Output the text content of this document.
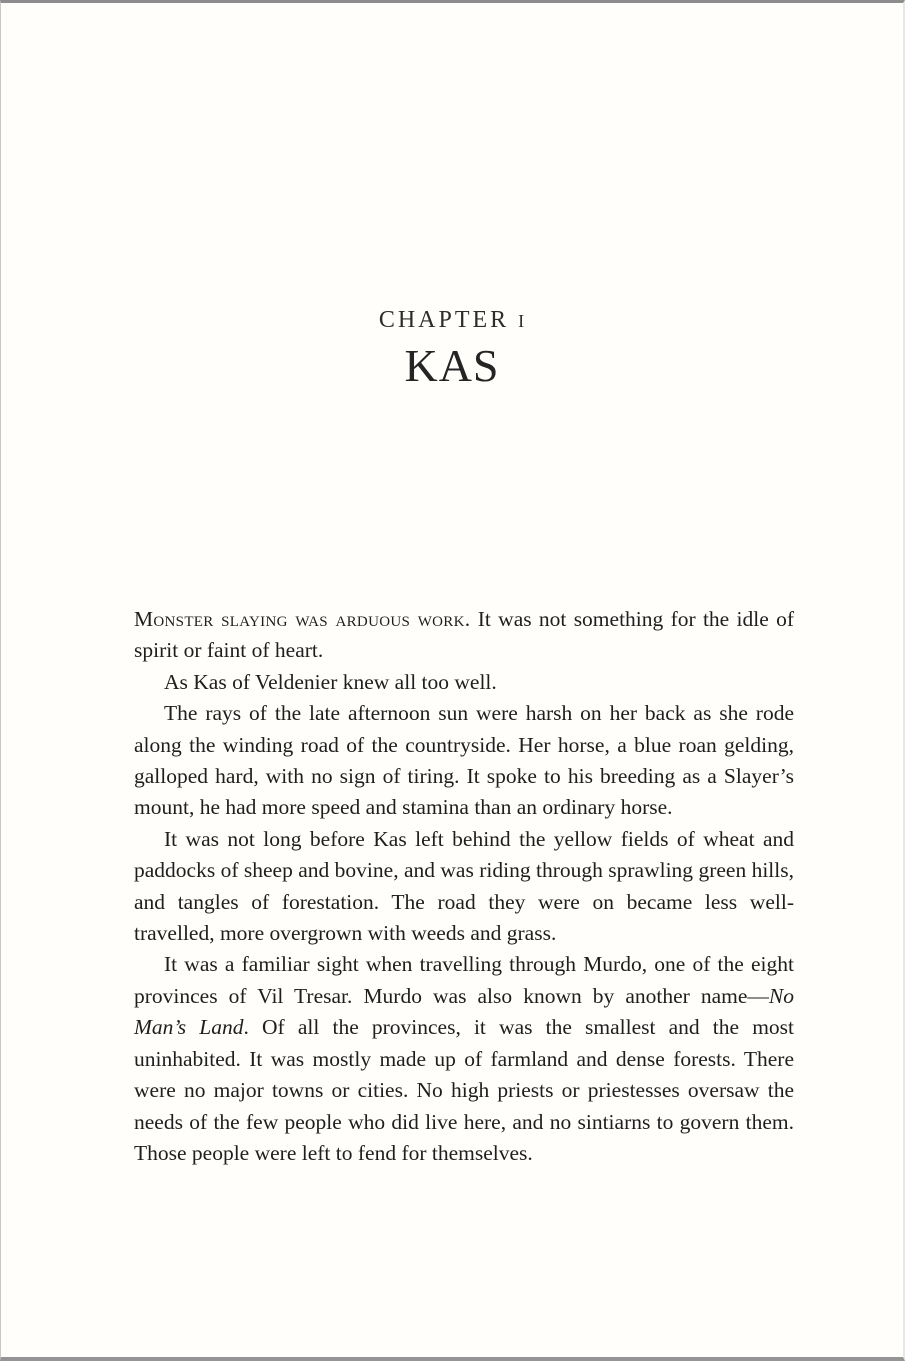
CHAPTER I
KAS

Monster slaying was arduous work. It was not something for the idle of spirit or faint of heart.

As Kas of Veldenier knew all too well.

The rays of the late afternoon sun were harsh on her back as she rode along the winding road of the countryside. Her horse, a blue roan gelding, galloped hard, with no sign of tiring. It spoke to his breeding as a Slayer’s mount, he had more speed and stamina than an ordinary horse.

It was not long before Kas left behind the yellow fields of wheat and paddocks of sheep and bovine, and was riding through sprawling green hills, and tangles of forestation. The road they were on became less well-travelled, more overgrown with weeds and grass.

It was a familiar sight when travelling through Murdo, one of the eight provinces of Vil Tresar. Murdo was also known by another name—No Man’s Land. Of all the provinces, it was the smallest and the most uninhabited. It was mostly made up of farmland and dense forests. There were no major towns or cities. No high priests or priestesses oversaw the needs of the few people who did live here, and no sintiarns to govern them. Those people were left to fend for themselves.
